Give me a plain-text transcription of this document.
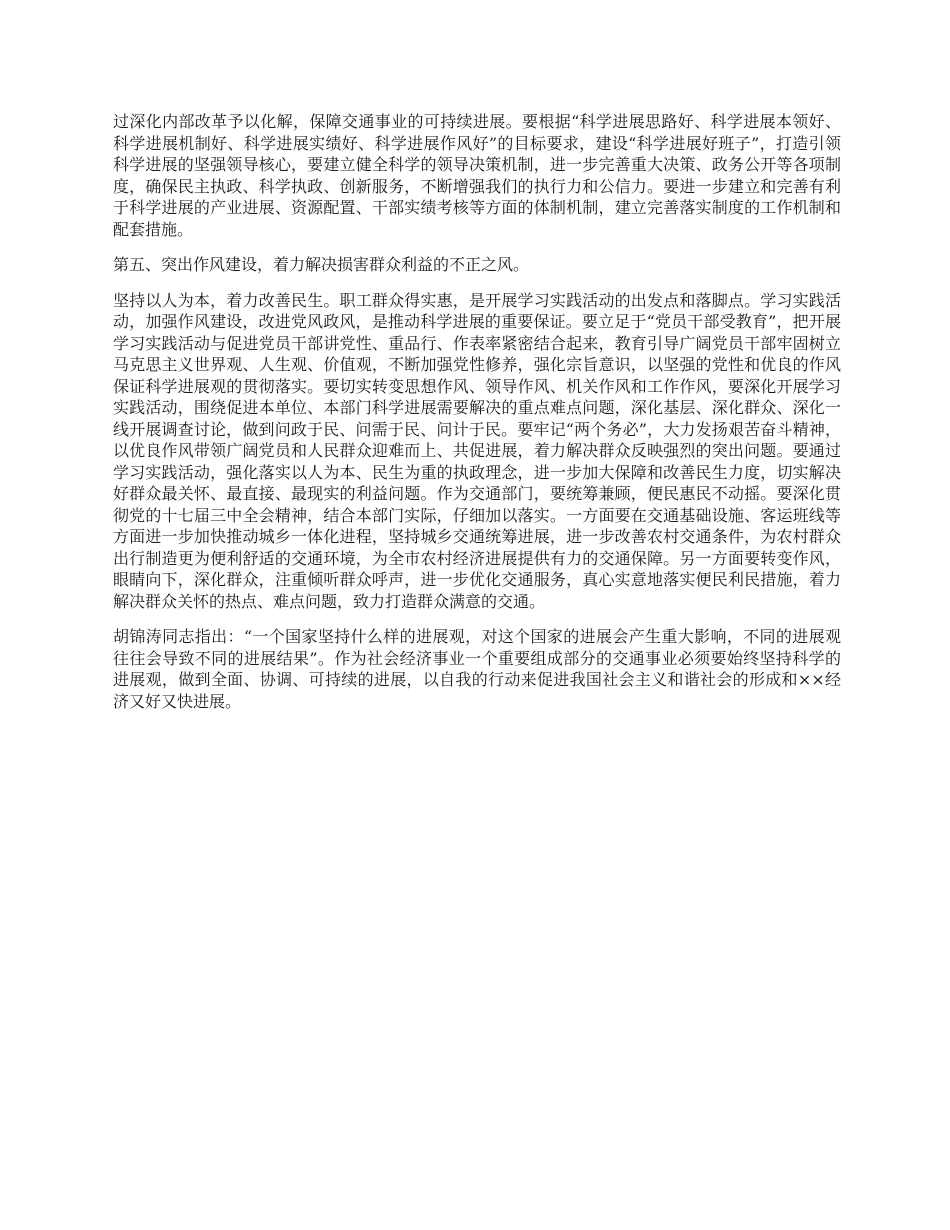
过深化内部改革予以化解，保障交通事业的可持续进展。要根据“科学进展思路好、科学进展本领好、科学进展机制好、科学进展实绩好、科学进展作风好”的目标要求，建设“科学进展好班子”，打造引领科学进展的坚强领导核心，要建立健全科学的领导决策机制，进一步完善重大决策、政务公开等各项制度，确保民主执政、科学执政、创新服务，不断增强我们的执行力和公信力。要进一步建立和完善有利于科学进展的产业进展、资源配置、干部实绩考核等方面的体制机制，建立完善落实制度的工作机制和配套措施。

第五、突出作风建设，着力解决损害群众利益的不正之风。

坚持以人为本，着力改善民生。职工群众得实惠，是开展学习实践活动的出发点和落脚点。学习实践活动，加强作风建设，改进党风政风，是推动科学进展的重要保证。要立足于“党员干部受教育”，把开展学习实践活动与促进党员干部讲党性、重品行、作表率紧密结合起来，教育引导广阔党员干部牢固树立马克思主义世界观、人生观、价值观，不断加强党性修养，强化宗旨意识，以坚强的党性和优良的作风保证科学进展观的贯彻落实。要切实转变思想作风、领导作风、机关作风和工作作风，要深化开展学习实践活动，围绕促进本单位、本部门科学进展需要解决的重点难点问题，深化基层、深化群众、深化一线开展调查讨论，做到问政于民、问需于民、问计于民。要牢记“两个务必”，大力发扬艰苦奋斗精神，以优良作风带领广阔党员和人民群众迎难而上、共促进展，着力解决群众反映强烈的突出问题。要通过学习实践活动，强化落实以人为本、民生为重的执政理念，进一步加大保障和改善民生力度，切实解决好群众最关怀、最直接、最现实的利益问题。作为交通部门，要统筹兼顾，便民惠民不动摇。要深化贯彻党的十七届三中全会精神，结合本部门实际，仔细加以落实。一方面要在交通基础设施、客运班线等方面进一步加快推动城乡一体化进程，坚持城乡交通统筹进展，进一步改善农村交通条件，为农村群众出行制造更为便利舒适的交通环境，为全市农村经济进展提供有力的交通保障。另一方面要转变作风，眼睛向下，深化群众，注重倾听群众呼声，进一步优化交通服务，真心实意地落实便民利民措施，着力解决群众关怀的热点、难点问题，致力打造群众满意的交通。

胡锦涛同志指出：“一个国家坚持什么样的进展观，对这个国家的进展会产生重大影响，不同的进展观往往会导致不同的进展结果”。作为社会经济事业一个重要组成部分的交通事业必须要始终坚持科学的进展观，做到全面、协调、可持续的进展，以自我的行动来促进我国社会主义和谐社会的形成和××经济又好又快进展。
